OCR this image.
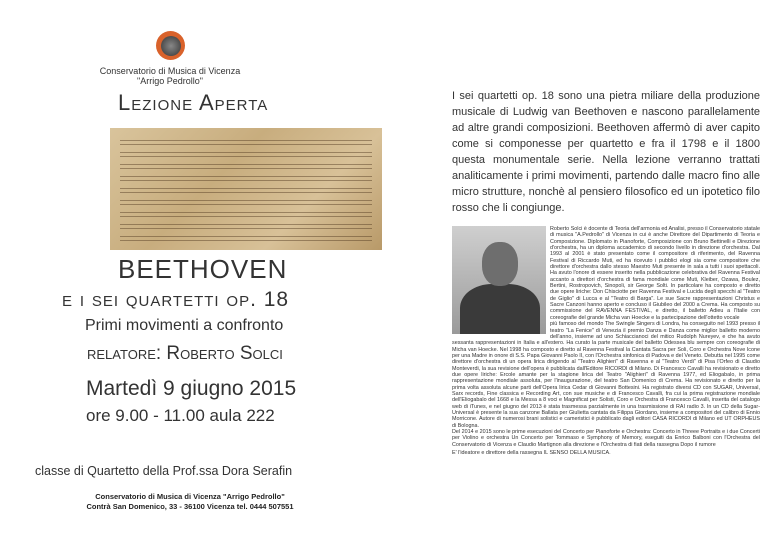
Conservatorio di Musica di Vicenza
"Arrigo Pedrollo"
Lezione Aperta
BEETHOVEN
e i sei quartetti op. 18
Primi movimenti a confronto
relatore: Roberto Solci
Martedì 9 giugno 2015
ore 9.00 - 11.00 aula 222
classe di Quartetto della Prof.ssa Dora Serafin
Conservatorio di Musica di Vicenza "Arrigo Pedrollo"
Contrà San Domenico, 33 - 36100 Vicenza tel. 0444 507551
I sei quartetti op. 18 sono una pietra miliare della produzione musicale di Ludwig van Beethoven e nascono parallelamente ad altre grandi composizioni. Beethoven affermò di aver capito come si componesse per quartetto e fra il 1798 e il 1800 questa monumentale serie. Nella lezione verranno trattati analiticamente i primi movimenti, partendo dalle macro fino alle micro strutture, nonchè al pensiero filosofico ed un ipotetico filo rosso che li congiunge.

Roberto Solci è docente di Teoria dell'armonia ed Analisi, presso il Conservatorio statale di musica "A.Pedrollo" di Vicenza in cui è anche Direttore del Dipartimento di Teoria e Composizione. Diplomato in Pianoforte, Composizione con Bruno Bettinelli e Direzione d'orchestra, ha un diploma accademico di secondo livello in direzione d'orchestra. Dal 1993 al 2001 è stato presentato come il compositore di riferimento, del Ravenna Festival di Riccardo Muti, ed ha ricevuto i pubblici elogi sia come compositore che direttore d'orchestra dallo stesso Maestro Muti presente in sala a tutti i suoi spettacoli. Ha avuto l'onore di essere inserito nella pubblicazione celebrativa del Ravenna Festival accanto a direttori d'orchestra di fama mondiale come Muti, Kleiber, Ozawa, Boulez, Bertini, Rostropovich, Sinopoli, sir George Solti. In particolare ha composto e diretto due opere liriche: Don Chisciotte per Ravenna Festival e Lucida degli specchi al "Teatro de Giglio" di Lucca e al "Teatro di Barga". Le sue Sacre rappresentazioni Christus e Sacre Canzoni hanno aperto e concluso il Giubileo del 2000 a Crema. Ha composto su commissione del RAVENNA FESTIVAL, e diretto, il balletto Adieu a l'Italie con coreografie del grande Micha van Hoecke e la partecipazione dell'ottetto vocale

più famoso del mondo The Swingle Singers di Londra, ha conseguito nel 1993 presso il teatro "La Fenice" di Venezia il premio Danza e Danza come miglior balletto moderno dell'anno, insieme ad uno Schiaccianoci del mitico Rudolph Nureyev, e che ha avuto sessanta rappresentazioni in Italia e all'estero. Ha curato la parte musicale del balletto Odessea blu sempre con coreografie di Micha van Hoecke. Nel 1998 ha composto e diretto al Ravenna Festival la Cantata Sacra per Soli, Coro e Orchestra Nove Icone per una Madre in onore di S.S. Papa Giovanni Paolo II, con l'Orchestra sinfonica di Padova e del Veneto. Debutta nel 1995 come direttore d'orchestra di un opera lirica dirigendo al "Teatro Alighieri" di Ravenna e al "Teatro Verdi" di Pisa l'Orfeo di Claudio Monteverdi, la sua revisione dell'opera è pubblicata dall'Editore RICORDI di Milano. Di Francesco Cavalli ha revisionato e diretto due opere liriche: Ercole amante per la stagione lirica del Teatro "Alighieri" di Ravenna 1977, ed Eliogabalo, in prima rappresentazione mondiale assoluta, per l'inaugurazione, del teatro San Domenico di Crema. Ha revisionato e diretto per la prima volta assoluta alcune parti dell'Opera lirica Cedar di Giovanni Bottesini. Ha registrato diversi CD con SUGAR, Universal, Sarx records, Fine classica e Recording Art, con sue musiche e di Francesco Cavalli, fra cui la prima registrazione mondiale dell'Eliogabalo del 1668 e la Messa a 8 voci e Magnificat per Solisti, Coro e Orchestra di Francesco Cavalli, inserita del catalogo web di iTunes, e nel giugno del 2013 è stata trasmessa parzialmente in una trasmissione di RAI radio 3. In un CD della Sugar-Universal è presente la sua canzone Ballata per Giulietta cantata da Filippa Giordano, insieme a compositori del calibro di Ennio Morricone. Autore di numerosi brani solistici e cameristici è pubblicato dagli editori CASA RICORDI di Milano ed UT ORPHEUS di Bologna.

Del 2014 e 2015 sono le prime esecuzioni del Concerto per Pianoforte e Orchestra: Concerto in Threee Portraits e i due Concerti per Violino e orchestra Un Concerto per Tommaso e Symphony of Memory, eseguiti da Enrico Balboni con l'Orchestra del Conservatorio di Vicenza e Claudio Martignon alla direzione e l'Orchestra di fiati della rassegna Dopo il rumore

E' l'ideatore e direttore della rassegna IL SENSO DELLA MUSICA.
